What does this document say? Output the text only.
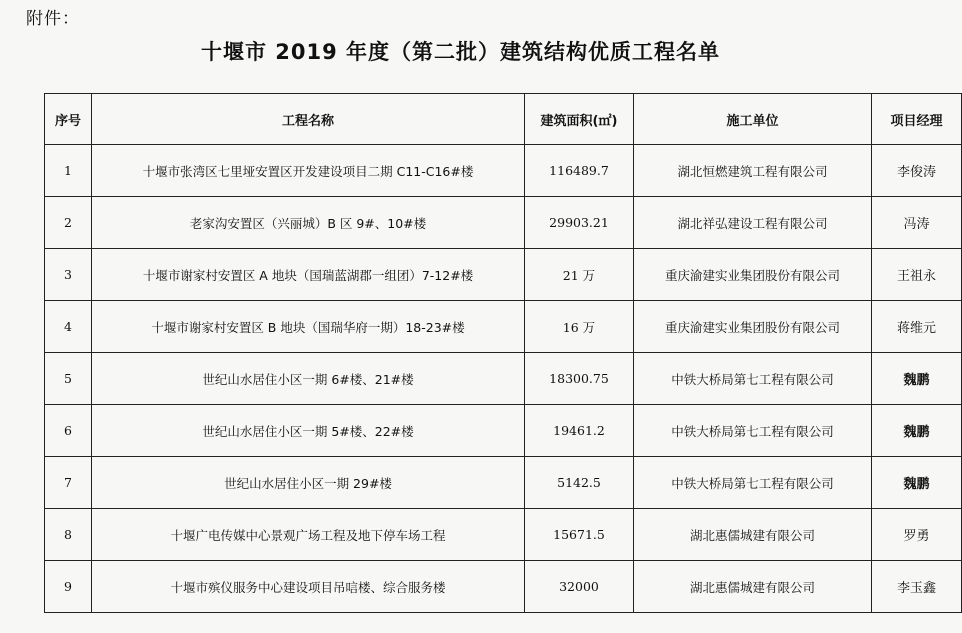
附件：
十堰市 2019 年度（第二批）建筑结构优质工程名单
序号	工程名称	建筑面积(㎡)	施工单位	项目经理
1	十堰市张湾区七里垭安置区开发建设项目二期 C11-C16#楼	116489.7	湖北恒燃建筑工程有限公司	李俊涛
2	老家沟安置区（兴丽城）B 区 9#、10#楼	29903.21	湖北祥弘建设工程有限公司	冯涛
3	十堰市谢家村安置区 A 地块（国瑞蓝湖郡一组团）7-12#楼	21 万	重庆渝建实业集团股份有限公司	王祖永
4	十堰市谢家村安置区 B 地块（国瑞华府一期）18-23#楼	16 万	重庆渝建实业集团股份有限公司	蒋维元
5	世纪山水居住小区一期 6#楼、21#楼	18300.75	中铁大桥局第七工程有限公司	魏鹏
6	世纪山水居住小区一期 5#楼、22#楼	19461.2	中铁大桥局第七工程有限公司	魏鹏
7	世纪山水居住小区一期 29#楼	5142.5	中铁大桥局第七工程有限公司	魏鹏
8	十堰广电传媒中心景观广场工程及地下停车场工程	15671.5	湖北惠儒城建有限公司	罗勇
9	十堰市殡仪服务中心建设项目吊唁楼、综合服务楼	32000	湖北惠儒城建有限公司	李玉鑫
